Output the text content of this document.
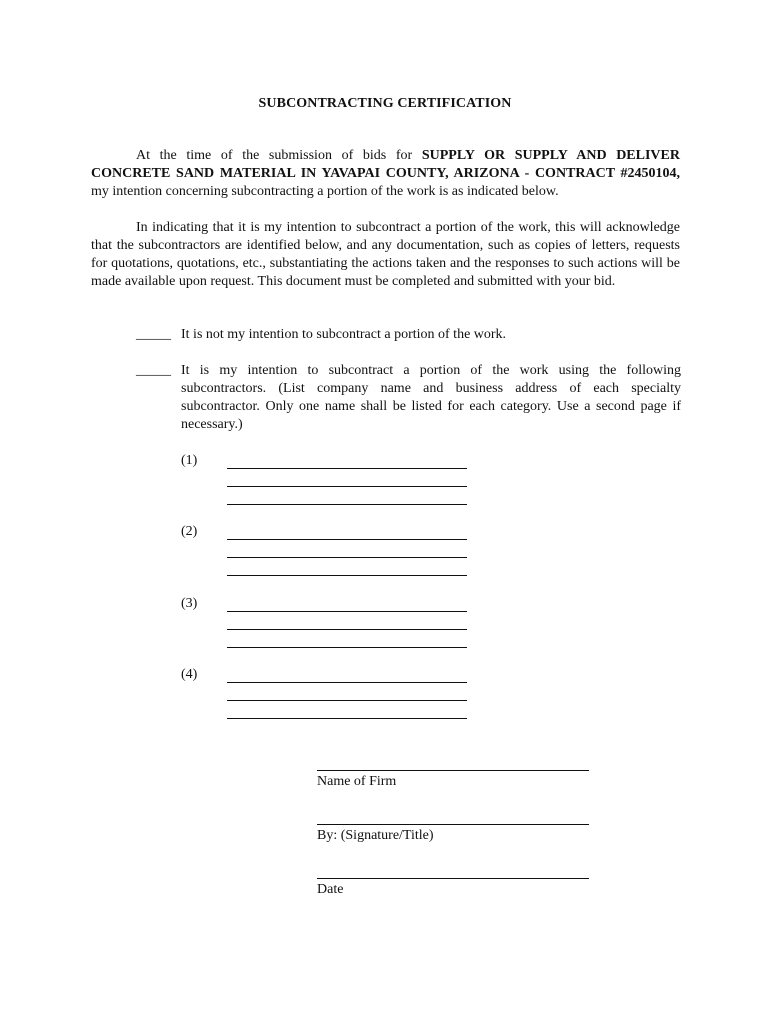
SUBCONTRACTING CERTIFICATION

At the time of the submission of bids for SUPPLY OR SUPPLY AND DELIVER CONCRETE SAND MATERIAL IN YAVAPAI COUNTY, ARIZONA - CONTRACT #2450104, my intention concerning subcontracting a portion of the work is as indicated below.

In indicating that it is my intention to subcontract a portion of the work, this will acknowledge that the subcontractors are identified below, and any documentation, such as copies of letters, requests for quotations, quotations, etc., substantiating the actions taken and the responses to such actions will be made available upon request. This document must be completed and submitted with your bid.

_____ It is not my intention to subcontract a portion of the work.
_____ It is my intention to subcontract a portion of the work using the following subcontractors. (List company name and business address of each specialty subcontractor. Only one name shall be listed for each category. Use a second page if necessary.)
(1)
(2)
(3)
(4)
Name of Firm
By: (Signature/Title)
Date
